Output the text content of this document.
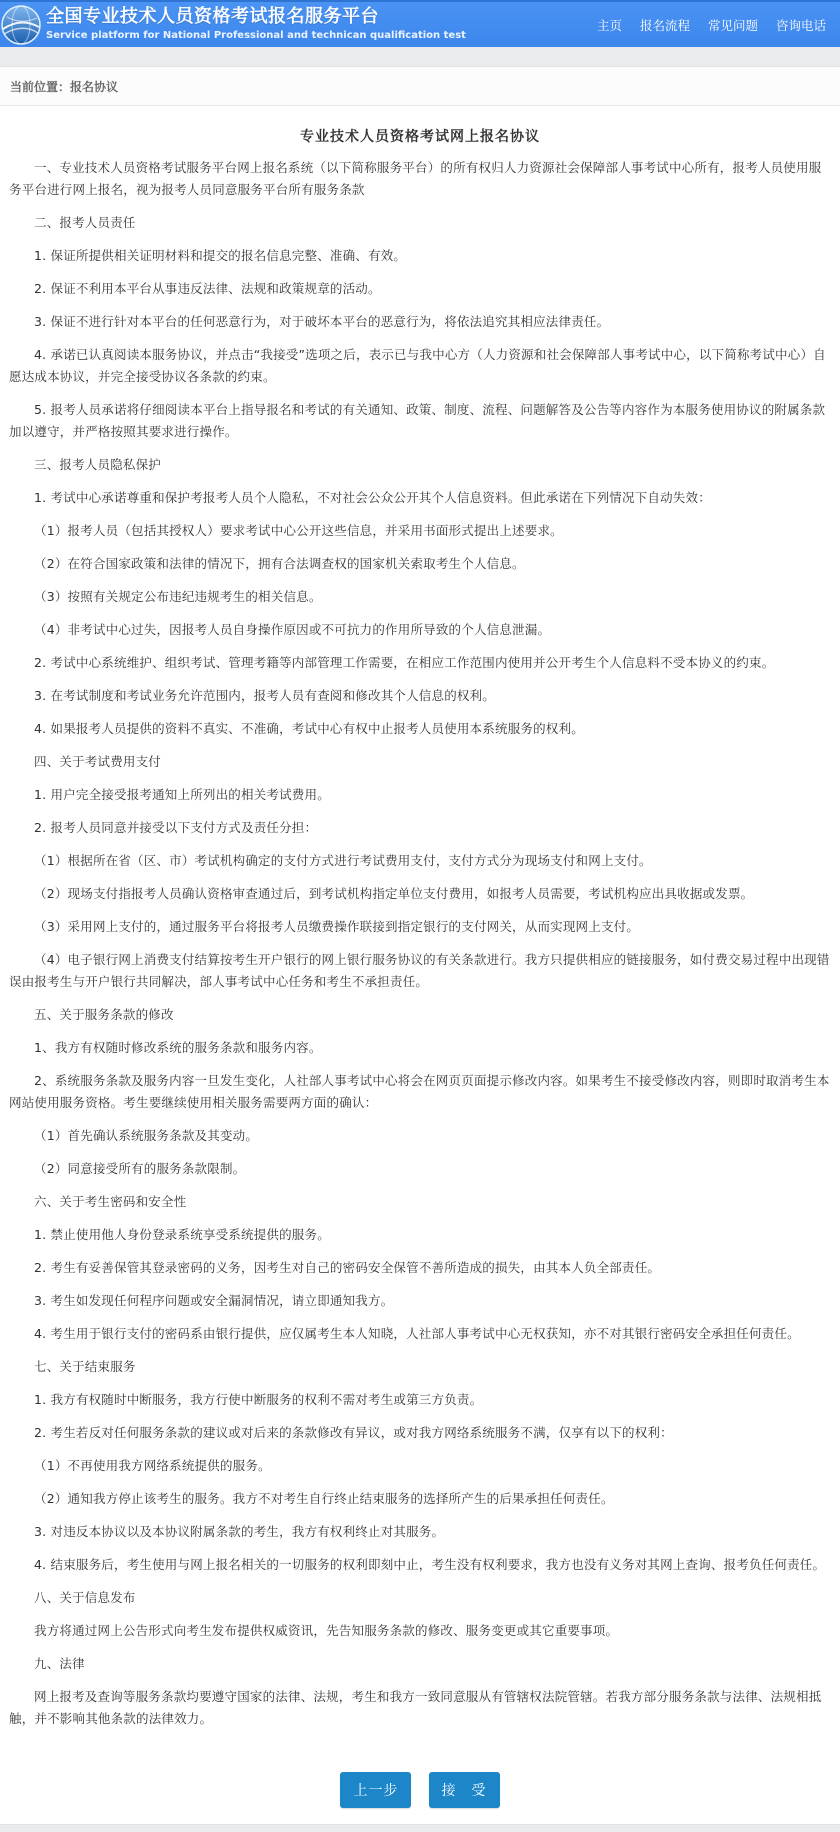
全国专业技术人员资格考试报名服务平台
Service platform for National Professional and technican qualification test
主页 报名流程 常见问题 咨询电话
当前位置：报名协议
专业技术人员资格考试网上报名协议

一、专业技术人员资格考试服务平台网上报名系统（以下简称服务平台）的所有权归人力资源社会保障部人事考试中心所有，报考人员使用服务平台进行网上报名，视为报考人员同意服务平台所有服务条款

二、报考人员责任

1. 保证所提供相关证明材料和提交的报名信息完整、准确、有效。

2. 保证不利用本平台从事违反法律、法规和政策规章的活动。

3. 保证不进行针对本平台的任何恶意行为，对于破坏本平台的恶意行为，将依法追究其相应法律责任。

4. 承诺已认真阅读本服务协议，并点击“我接受”选项之后，表示已与我中心方（人力资源和社会保障部人事考试中心，以下简称考试中心）自愿达成本协议，并完全接受协议各条款的约束。

5. 报考人员承诺将仔细阅读本平台上指导报名和考试的有关通知、政策、制度、流程、问题解答及公告等内容作为本服务使用协议的附属条款加以遵守，并严格按照其要求进行操作。

三、报考人员隐私保护

1. 考试中心承诺尊重和保护考报考人员个人隐私，不对社会公众公开其个人信息资料。但此承诺在下列情况下自动失效：

（1）报考人员（包括其授权人）要求考试中心公开这些信息，并采用书面形式提出上述要求。

（2）在符合国家政策和法律的情况下，拥有合法调查权的国家机关索取考生个人信息。

（3）按照有关规定公布违纪违规考生的相关信息。

（4）非考试中心过失，因报考人员自身操作原因或不可抗力的作用所导致的个人信息泄漏。

2. 考试中心系统维护、组织考试、管理考籍等内部管理工作需要，在相应工作范围内使用并公开考生个人信息料不受本协义的约束。

3. 在考试制度和考试业务允许范围内，报考人员有查阅和修改其个人信息的权利。

4. 如果报考人员提供的资料不真实、不准确，考试中心有权中止报考人员使用本系统服务的权利。

四、关于考试费用支付

1. 用户完全接受报考通知上所列出的相关考试费用。

2. 报考人员同意并接受以下支付方式及责任分担：

（1）根据所在省（区、市）考试机构确定的支付方式进行考试费用支付，支付方式分为现场支付和网上支付。

（2）现场支付指报考人员确认资格审查通过后，到考试机构指定单位支付费用，如报考人员需要，考试机构应出具收据或发票。

（3）采用网上支付的，通过服务平台将报考人员缴费操作联接到指定银行的支付网关，从而实现网上支付。

（4）电子银行网上消费支付结算按考生开户银行的网上银行服务协议的有关条款进行。我方只提供相应的链接服务，如付费交易过程中出现错误由报考生与开户银行共同解决，部人事考试中心任务和考生不承担责任。

五、关于服务条款的修改

1、我方有权随时修改系统的服务条款和服务内容。

2、系统服务条款及服务内容一旦发生变化，人社部人事考试中心将会在网页页面提示修改内容。如果考生不接受修改内容，则即时取消考生本网站使用服务资格。考生要继续使用相关服务需要两方面的确认：

（1）首先确认系统服务条款及其变动。

（2）同意接受所有的服务条款限制。

六、关于考生密码和安全性

1. 禁止使用他人身份登录系统享受系统提供的服务。

2. 考生有妥善保管其登录密码的义务，因考生对自己的密码安全保管不善所造成的损失，由其本人负全部责任。

3. 考生如发现任何程序问题或安全漏洞情况，请立即通知我方。

4. 考生用于银行支付的密码系由银行提供，应仅属考生本人知晓，人社部人事考试中心无权获知，亦不对其银行密码安全承担任何责任。

七、关于结束服务

1. 我方有权随时中断服务，我方行使中断服务的权利不需对考生或第三方负责。

2. 考生若反对任何服务条款的建议或对后来的条款修改有异议，或对我方网络系统服务不满，仅享有以下的权利：

（1）不再使用我方网络系统提供的服务。

（2）通知我方停止该考生的服务。我方不对考生自行终止结束服务的选择所产生的后果承担任何责任。

3. 对违反本协议以及本协议附属条款的考生，我方有权利终止对其服务。

4. 结束服务后，考生使用与网上报名相关的一切服务的权利即刻中止，考生没有权利要求，我方也没有义务对其网上查询、报考负任何责任。

八、关于信息发布

我方将通过网上公告形式向考生发布提供权威资讯，先告知服务条款的修改、服务变更或其它重要事项。

九、法律

网上报考及查询等服务条款均要遵守国家的法律、法规，考生和我方一致同意服从有管辖权法院管辖。若我方部分服务条款与法律、法规相抵触，并不影响其他条款的法律效力。

上一步	接　受
